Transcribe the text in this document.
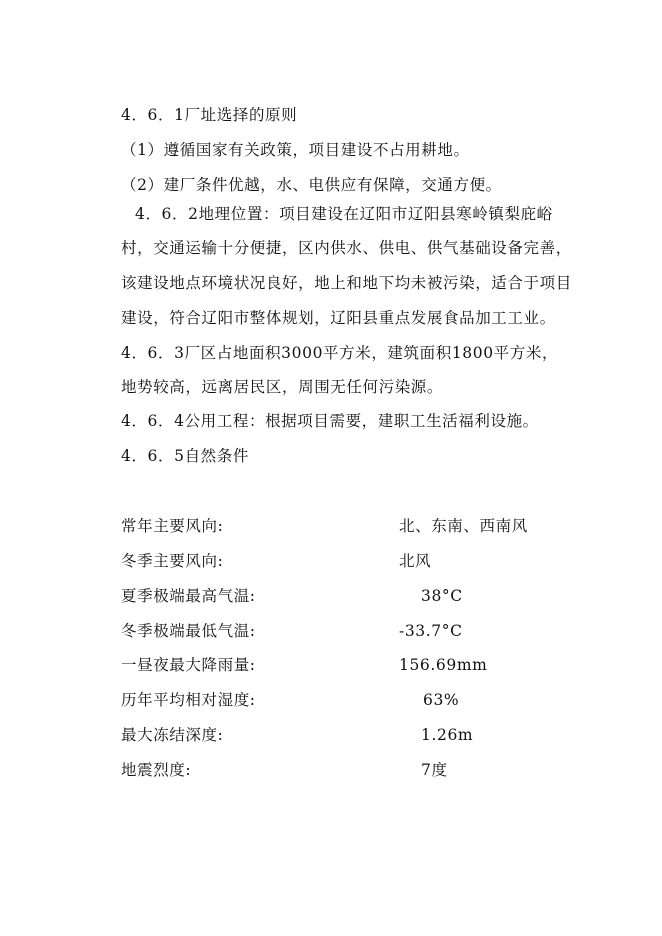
4．6．1厂址选择的原则
（1）遵循国家有关政策，项目建设不占用耕地。
（2）建厂条件优越，水、电供应有保障，交通方便。
4．6．2地理位置：项目建设在辽阳市辽阳县寒岭镇梨庇峪
村，交通运输十分便捷，区内供水、供电、供气基础设备完善，
该建设地点环境状况良好，地上和地下均未被污染，适合于项目
建设，符合辽阳市整体规划，辽阳县重点发展食品加工工业。
4．6．3厂区占地面积3000平方米，建筑面积1800平方米，
地势较高，远离居民区，周围无任何污染源。
4．6．4公用工程：根据项目需要，建职工生活福利设施。
4．6．5自然条件
常年主要风向:	北、东南、西南风
冬季主要风向:	北风
夏季极端最高气温:	38°C
冬季极端最低气温:	-33.7°C
一昼夜最大降雨量:	156.69mm
历年平均相对湿度:	63%
最大冻结深度:	1.26m
地震烈度:	7度
